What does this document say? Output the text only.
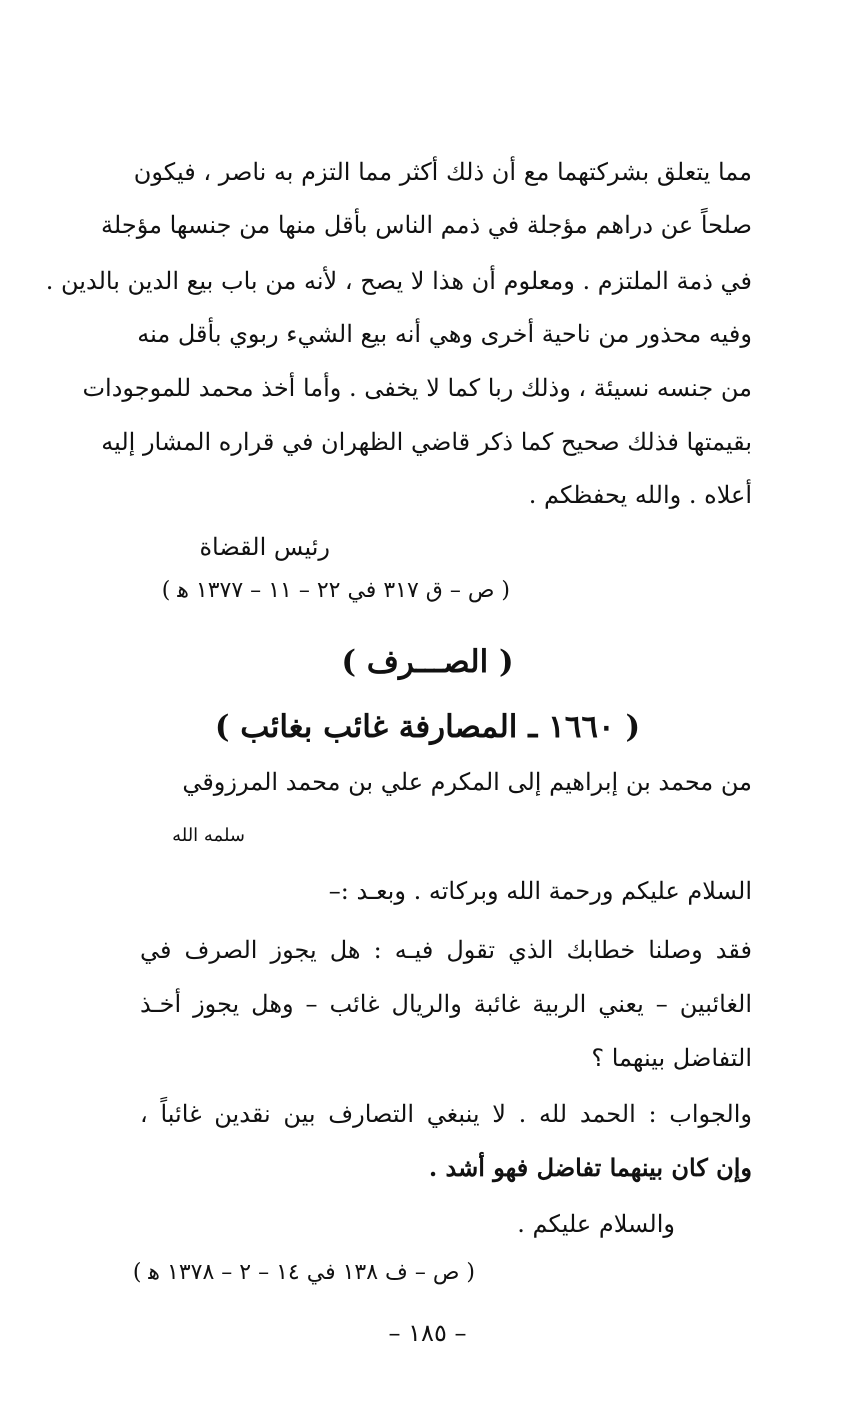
مما يتعلق بشركتهما مع أن ذلك أكثر مما التزم به ناصر ، فيكون

صلحاً عن دراهم مؤجلة في ذمم الناس بأقل منها من جنسها مؤجلة

في ذمة الملتزم . ومعلوم أن هذا لا يصح ، لأنه من باب بيع الدين بالدين .

وفيه محذور من ناحية أخرى وهي أنه بيع الشيء ربوي بأقل منه

من جنسه نسيئة ، وذلك ربا كما لا يخفى . وأما أخذ محمد للموجودات

بقيمتها فذلك صحيح كما ذكر قاضي الظهران في قراره المشار إليه

أعلاه . والله يحفظكم .

رئيس القضاة

( ص – ق ٣١٧ في ٢٢ – ١١ – ١٣٧٧ ﻫ )

( الصـــرف )

( ١٦٦٠ ـ المصارفة غائب بغائب )

من محمد بن إبراهيم إلى المكرم علي بن محمد المرزوقي

سلمه الله

السلام عليكم ورحمة الله وبركاته . وبعـد :–

فقد وصلنا خطابك الذي تقول فيـه : هل يجوز الصرف في

الغائبين – يعني الربية غائبة والريال غائب – وهل يجوز أخـذ

التفاضل بينهما ؟

والجواب : الحمد لله . لا ينبغي التصارف بين نقدين غائباً ،

وإن كان بينهما تفاضل فهو أشد .

والسلام عليكم .

( ص – ف ١٣٨ في ١٤ – ٢ – ١٣٧٨ ﻫ )

– ١٨٥ –
